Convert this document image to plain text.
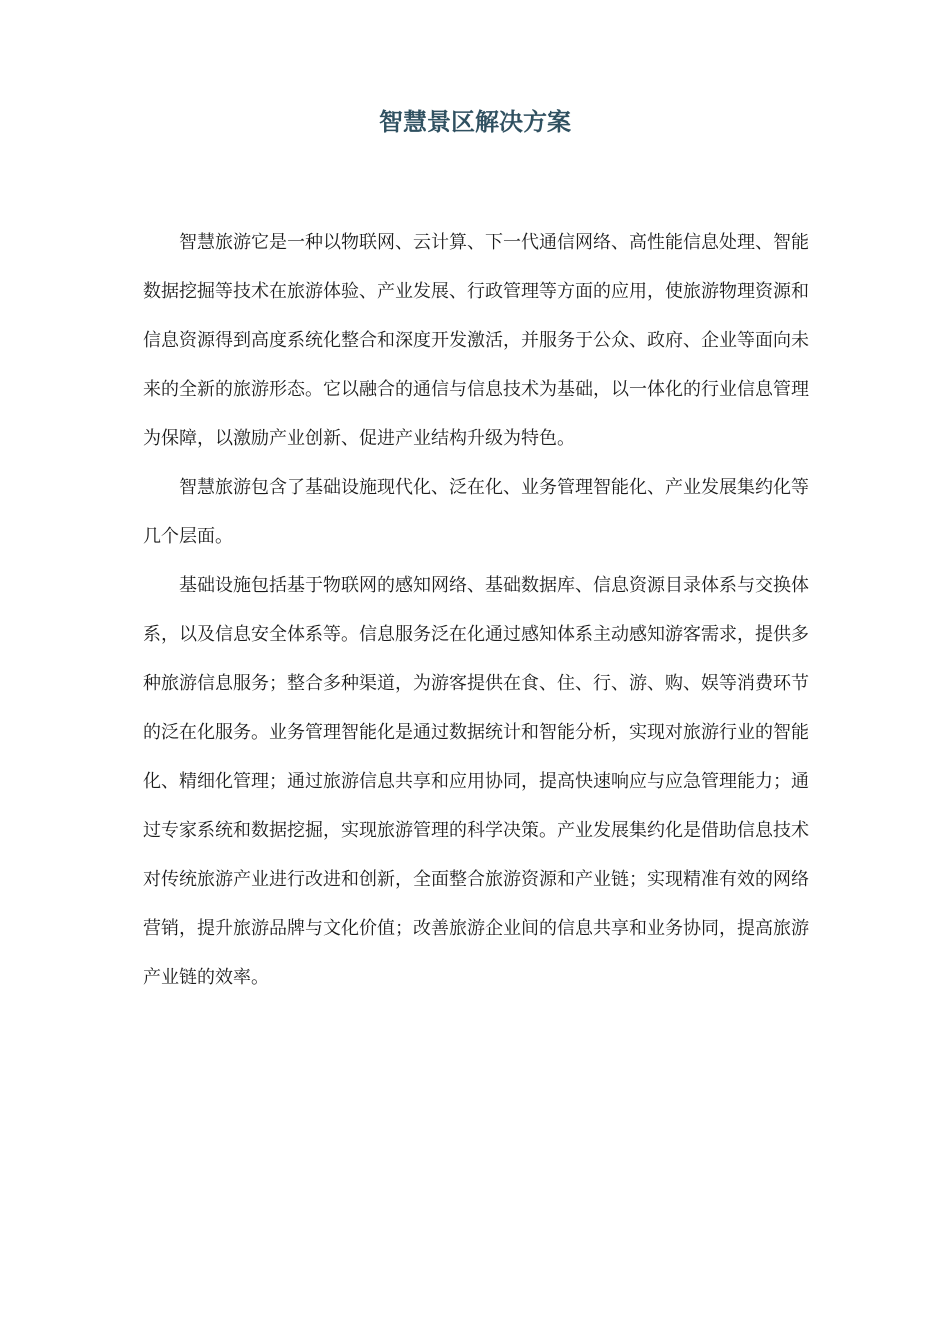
智慧景区解决方案

智慧旅游它是一种以物联网、云计算、下一代通信网络、高性能信息处理、智能数据挖掘等技术在旅游体验、产业发展、行政管理等方面的应用，使旅游物理资源和信息资源得到高度系统化整合和深度开发激活，并服务于公众、政府、企业等面向未来的全新的旅游形态。它以融合的通信与信息技术为基础，以一体化的行业信息管理为保障，以激励产业创新、促进产业结构升级为特色。

智慧旅游包含了基础设施现代化、泛在化、业务管理智能化、产业发展集约化等几个层面。

基础设施包括基于物联网的感知网络、基础数据库、信息资源目录体系与交换体系，以及信息安全体系等。信息服务泛在化通过感知体系主动感知游客需求，提供多种旅游信息服务；整合多种渠道，为游客提供在食、住、行、游、购、娱等消费环节的泛在化服务。业务管理智能化是通过数据统计和智能分析，实现对旅游行业的智能化、精细化管理；通过旅游信息共享和应用协同，提高快速响应与应急管理能力；通过专家系统和数据挖掘，实现旅游管理的科学决策。产业发展集约化是借助信息技术对传统旅游产业进行改进和创新，全面整合旅游资源和产业链；实现精准有效的网络营销，提升旅游品牌与文化价值；改善旅游企业间的信息共享和业务协同，提高旅游产业链的效率。
